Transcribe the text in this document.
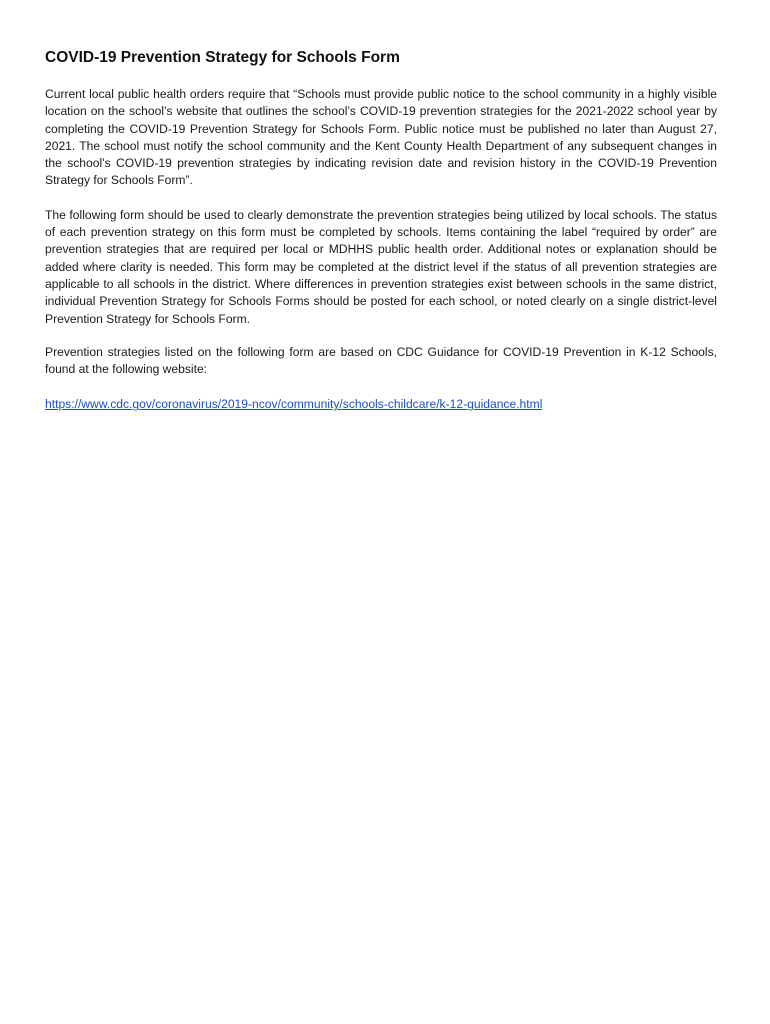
COVID-19 Prevention Strategy for Schools Form

Current local public health orders require that “Schools must provide public notice to the school community in a highly visible location on the school’s website that outlines the school’s COVID-19 prevention strategies for the 2021-2022 school year by completing the COVID-19 Prevention Strategy for Schools Form. Public notice must be published no later than August 27, 2021. The school must notify the school community and the Kent County Health Department of any subsequent changes in the school’s COVID-19 prevention strategies by indicating revision date and revision history in the COVID-19 Prevention Strategy for Schools Form”.

The following form should be used to clearly demonstrate the prevention strategies being utilized by local schools. The status of each prevention strategy on this form must be completed by schools. Items containing the label “required by order” are prevention strategies that are required per local or MDHHS public health order. Additional notes or explanation should be added where clarity is needed. This form may be completed at the district level if the status of all prevention strategies are applicable to all schools in the district. Where differences in prevention strategies exist between schools in the same district, individual Prevention Strategy for Schools Forms should be posted for each school, or noted clearly on a single district-level Prevention Strategy for Schools Form.

Prevention strategies listed on the following form are based on CDC Guidance for COVID-19 Prevention in K-12 Schools, found at the following website:

https://www.cdc.gov/coronavirus/2019-ncov/community/schools-childcare/k-12-guidance.html
